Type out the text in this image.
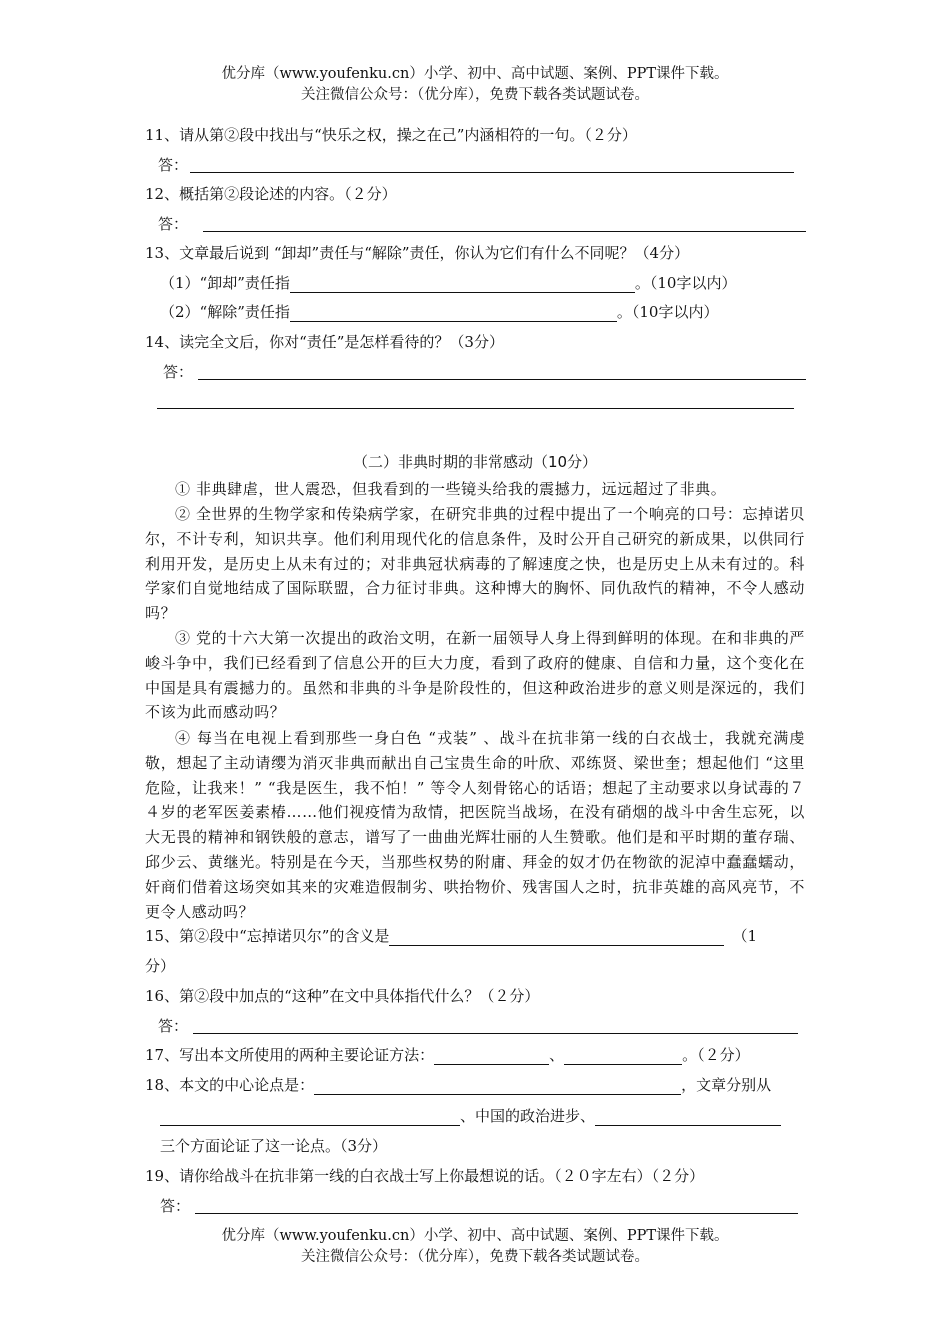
优分库（www.youfenku.cn）小学、初中、高中试题、案例、PPT课件下载。
关注微信公众号：（优分库），免费下载各类试题试卷。
11、请从第②段中找出与“快乐之权，操之在己”内涵相符的一句。（２分）
答：
12、概括第②段论述的内容。（２分）
答：
13、文章最后说到 “卸却”责任与“解除”责任，你认为它们有什么不同呢？（4分）
（1）“卸却”责任指	。（10字以内）
（2）“解除”责任指	。（10字以内）
14、读完全文后，你对“责任”是怎样看待的？（3分）
答：
（二）非典时期的非常感动（10分）
① 非典肆虐，世人震恐，但我看到的一些镜头给我的震撼力，远远超过了非典。
② 全世界的生物学家和传染病学家，在研究非典的过程中提出了一个响亮的口号：忘掉诺贝尔，不计专利，知识共享。他们利用现代化的信息条件，及时公开自己研究的新成果，以供同行利用开发，是历史上从未有过的；对非典冠状病毒的了解速度之快，也是历史上从未有过的。科学家们自觉地结成了国际联盟，合力征讨非典。这种博大的胸怀、同仇敌忾的精神，不令人感动吗？
③ 党的十六大第一次提出的政治文明，在新一届领导人身上得到鲜明的体现。在和非典的严峻斗争中，我们已经看到了信息公开的巨大力度，看到了政府的健康、自信和力量，这个变化在中国是具有震撼力的。虽然和非典的斗争是阶段性的，但这种政治进步的意义则是深远的，我们不该为此而感动吗？
④ 每当在电视上看到那些一身白色 “戎装” 、战斗在抗非第一线的白衣战士，我就充满虔敬，想起了主动请缨为消灭非典而献出自己宝贵生命的叶欣、邓练贤、梁世奎；想起他们 “这里危险，让我来！” “我是医生，我不怕！” 等令人刻骨铭心的话语；想起了主动要求以身试毒的７４岁的老军医姜素椿……他们视疫情为敌情，把医院当战场，在没有硝烟的战斗中舍生忘死，以大无畏的精神和钢铁般的意志，谱写了一曲曲光辉壮丽的人生赞歌。他们是和平时期的董存瑞、邱少云、黄继光。特别是在今天，当那些权势的附庸、拜金的奴才仍在物欲的泥淖中蠢蠢蠕动，奸商们借着这场突如其来的灾难造假制劣、哄抬物价、残害国人之时，抗非英雄的高风亮节，不更令人感动吗？
15、第②段中“忘掉诺贝尔”的含义是	（1
分）
16、第②段中加点的“这种”在文中具体指代什么？（２分）
答：
17、写出本文所使用的两种主要论证方法：	、	。（２分）
18、本文的中心论点是：	，文章分别从
、中国的政治进步、
三个方面论证了这一论点。（3分）
19、请你给战斗在抗非第一线的白衣战士写上你最想说的话。（２０字左右）（２分）
答：
优分库（www.youfenku.cn）小学、初中、高中试题、案例、PPT课件下载。
关注微信公众号：（优分库），免费下载各类试题试卷。
